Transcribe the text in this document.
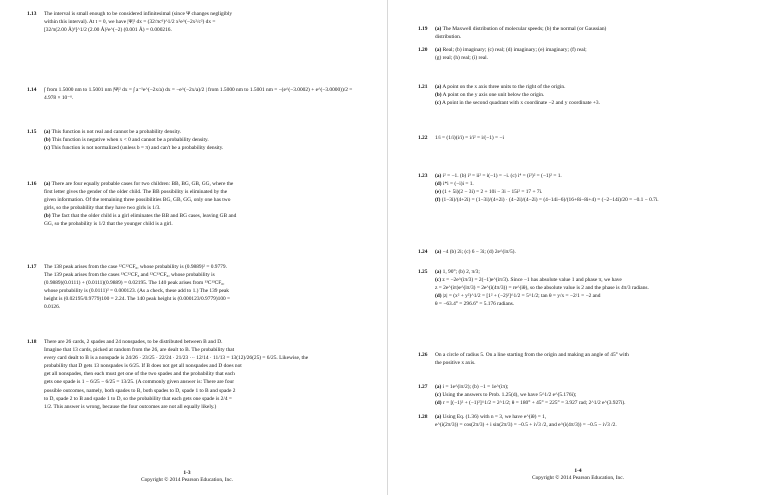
1.13 The interval is small enough to be considered infinitesimal (since Ψ changes negligibly
within this interval). At t = 0, we have |Ψ|² dx = (32/πc⁶)^1/2 x²e^(−2x²/c²) dx =
[32/π(2.00 Å)⁶]^1/2 (2.00 Å)²e^(−2) (0.001 Å) = 0.000216.
1.14 ∫ from 1.5000 nm to 1.5001 nm |Ψ|² dx = ∫ a⁻¹e^(−2x/a) dx = −e^(−2x/a)/2 | from 1.5000 nm to 1.5001 nm = −(e^(−3.0002) + e^(−3.0000))/2 =
4.978 × 10⁻⁶.
1.15 (a) This function is not real and cannot be a probability density.
(b) This function is negative when x < 0 and cannot be a probability density.
(c) This function is not normalized (unless b = π) and can't be a probability density.
1.16 (a) There are four equally probable cases for two children: BB, BG, GB, GG, where the
first letter gives the gender of the older child. The BB possibility is eliminated by the
given information. Of the remaining three possibilities BG, GB, GG, only one has two
girls, so the probability that they have two girls is 1/3.
(b) The fact that the older child is a girl eliminates the BB and BG cases, leaving GB and
GG, so the probability is 1/2 that the younger child is a girl.
1.17 The 138 peak arises from the case ¹²C¹²CF₆, whose probability is (0.9889)² = 0.9779.
The 139 peak arises from the cases ¹³C¹²CF₆ and ¹²C¹³CF₆, whose probability is
(0.9889)(0.0111) + (0.0111)(0.9889) = 0.02195. The 140 peak arises from ¹³C¹³CF₆,
whose probability is (0.0111)² = 0.000123. (As a check, these add to 1.) The 139 peak
height is (0.02195/0.9779)100 = 2.24. The 140 peak height is (0.000123/0.9779)100 =
0.0126.
1.18 There are 26 cards, 2 spades and 24 nonspades, to be distributed between B and D.
Imagine that 13 cards, picked at random from the 26, are dealt to B. The probability that
every card dealt to B is a nonspade is 24/26 · 23/25 · 22/24 · 21/23 ··· 12/14 · 11/13 = 13(12)/26(25) = 6/25. Likewise, the
probability that D gets 13 nonspades is 6/25. If B does not get all nonspades and D does not
get all nonspades, then each must get one of the two spades and the probability that each
gets one spade is 1 − 6/25 − 6/25 = 13/25. (A commonly given answer is: There are four
possible outcomes, namely, both spades to B, both spades to D, spade 1 to B and spade 2
to D, spade 2 to B and spade 1 to D, so the probability that each gets one spade is 2/4 =
1/2. This answer is wrong, because the four outcomes are not all equally likely.)
1-3
Copyright © 2014 Pearson Education, Inc.
1.19 (a) The Maxwell distribution of molecular speeds; (b) the normal (or Gaussian)
distribution.
1.20 (a) Real; (b) imaginary; (c) real; (d) imaginary; (e) imaginary; (f) real;
(g) real; (h) real; (i) real.
1.21 (a) A point on the x axis three units to the right of the origin.
(b) A point on the y axis one unit below the origin.
(c) A point in the second quadrant with x coordinate −2 and y coordinate +3.
1.22 1/i = (1/i)(i/i) = i/i² = i/(−1) = −i
1.23 (a) i² = −1. (b) i³ = ii² = i(−1) = −i. (c) i⁴ = (i²)² = (−1)² = 1.
(d) i*i = (−i)i = 1.
(e) (1 + 5i)(2 − 3i) = 2 + 10i − 3i − 15i² = 17 + 7i.
(f) (1−3i)/(4+2i) = (1−3i)/(4+2i) · (4−2i)/(4−2i) = (4−14i−6)/(16+8i−8i+4) = (−2−14i)/20 = −0.1 − 0.7i.
1.24 (a) −4 (b) 2i; (c) 6 − 3i; (d) 2e^(iπ/5).
1.25 (a) 1, 90°; (b) 2, π/3;
(c) z = −2e^(iπ/3) = 2(−1)e^(iπ/3). Since −1 has absolute value 1 and phase π, we have
z = 2e^(iπ)e^(iπ/3) = 2e^(i(4π/3)) = re^(iθ), so the absolute value is 2 and the phase is 4π/3 radians.
(d) |z| = (x² + y²)^1/2 = [1² + (−2)²]^1/2 = 5^1/2; tan θ = y/x = −2/1 = −2 and
θ = −63.4° = 296.6° = 5.176 radians.
1.26 On a circle of radius 5. On a line starting from the origin and making an angle of 45° with
the positive x axis.
1.27 (a) i = 1e^(iπ/2); (b) −1 = 1e^(iπ);
(c) Using the answers to Prob. 1.25(d), we have 5^1/2 e^(5.176i);
(d) r = [(−1)² + (−1)²]^1/2 = 2^1/2; θ = 180° + 45° = 225° = 3.927 rad; 2^1/2 e^(3.927i).
1.28 (a) Using Eq. (1.36) with n = 3, we have e^(iθ) = 1,
e^(i(2π/3)) = cos(2π/3) + i sin(2π/3) = −0.5 + i√3 /2, and e^(i(4π/3)) = −0.5 − i√3 /2.
1-4
Copyright © 2014 Pearson Education, Inc.
